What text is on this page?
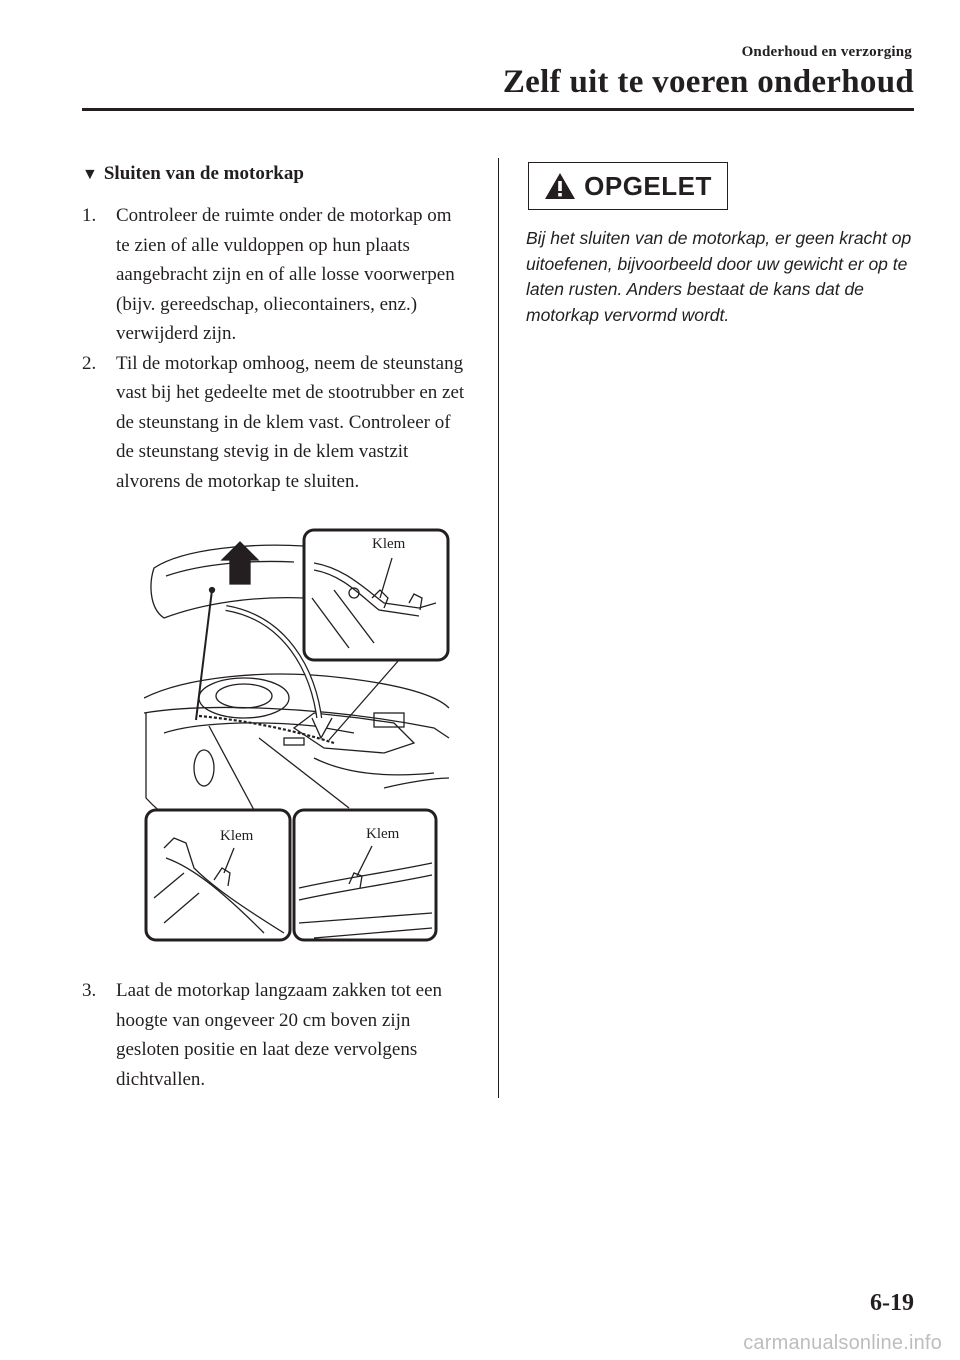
Onderhoud en verzorging
Zelf uit te voeren onderhoud
▼ Sluiten van de motorkap

1. Controleer de ruimte onder de motorkap om te zien of alle vuldoppen op hun plaats aangebracht zijn en of alle losse voorwerpen (bijv. gereedschap, oliecontainers, enz.) verwijderd zijn.

2. Til de motorkap omhoog, neem de steunstang vast bij het gedeelte met de stootrubber en zet de steunstang in de klem vast. Controleer of de steunstang stevig in de klem vastzit alvorens de motorkap te sluiten.

Klem
Klem	Klem

3. Laat de motorkap langzaam zakken tot een hoogte van ongeveer 20 cm boven zijn gesloten positie en laat deze vervolgens dichtvallen.

OPGELET
Bij het sluiten van de motorkap, er geen kracht op uitoefenen, bijvoorbeeld door uw gewicht er op te laten rusten. Anders bestaat de kans dat de motorkap vervormd wordt.
6-19
carmanualsonline.info
